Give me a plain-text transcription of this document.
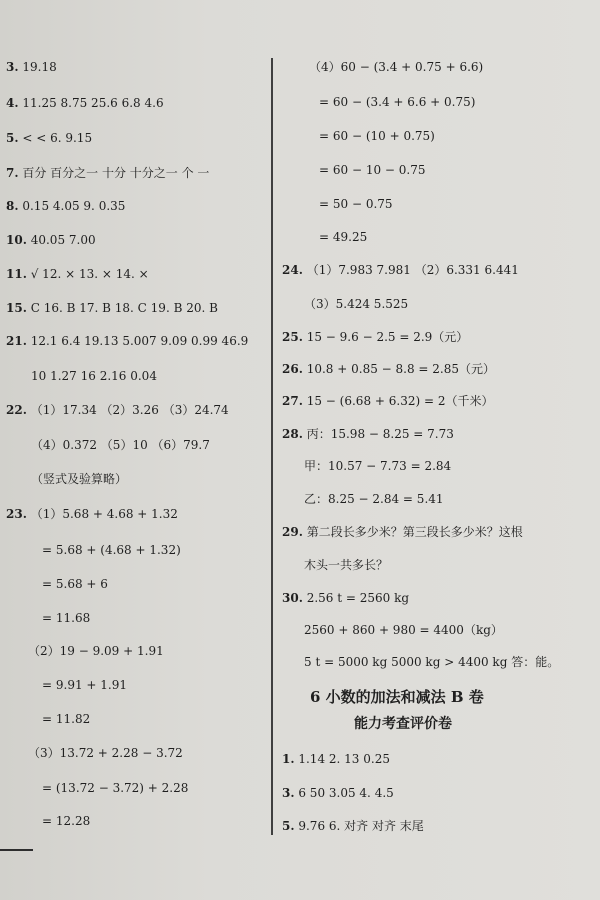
3. 19.18
4. 11.25 8.75 25.6 6.8 4.6
5. < < 6. 9.15
7. 百分 百分之一 十分 十分之一 个 一
8. 0.15 4.05 9. 0.35
10. 40.05 7.00
11. √ 12. × 13. × 14. ×
15. C 16. B 17. B 18. C 19. B 20. B
21. 12.1 6.4 19.13 5.007 9.09 0.99 46.9
10 1.27 16 2.16 0.04
22. （1）17.34 （2）3.26 （3）24.74
（4）0.372 （5）10 （6）79.7
（竖式及验算略）
23. （1）5.68 + 4.68 + 1.32
= 5.68 + (4.68 + 1.32)
= 5.68 + 6
= 11.68
（2）19 − 9.09 + 1.91
= 9.91 + 1.91
= 11.82
（3）13.72 + 2.28 − 3.72
= (13.72 − 3.72) + 2.28
= 12.28
（4）60 − (3.4 + 0.75 + 6.6)
= 60 − (3.4 + 6.6 + 0.75)
= 60 − (10 + 0.75)
= 60 − 10 − 0.75
= 50 − 0.75
= 49.25
24. （1）7.983 7.981 （2）6.331 6.441
（3）5.424 5.525
25. 15 − 9.6 − 2.5 = 2.9（元）
26. 10.8 + 0.85 − 8.8 = 2.85（元）
27. 15 − (6.68 + 6.32) = 2（千米）
28. 丙：15.98 − 8.25 = 7.73
甲：10.57 − 7.73 = 2.84
乙：8.25 − 2.84 = 5.41
29. 第二段长多少米？第三段长多少米？这根
木头一共多长？
30. 2.56 t = 2560 kg
2560 + 860 + 980 = 4400（kg）
5 t = 5000 kg 5000 kg > 4400 kg 答：能。
1. 1.14 2. 13 0.25
3. 6 50 3.05 4. 4.5
5. 9.76 6. 对齐 对齐 末尾
6 小数的加法和减法 B 卷
能力考查评价卷
